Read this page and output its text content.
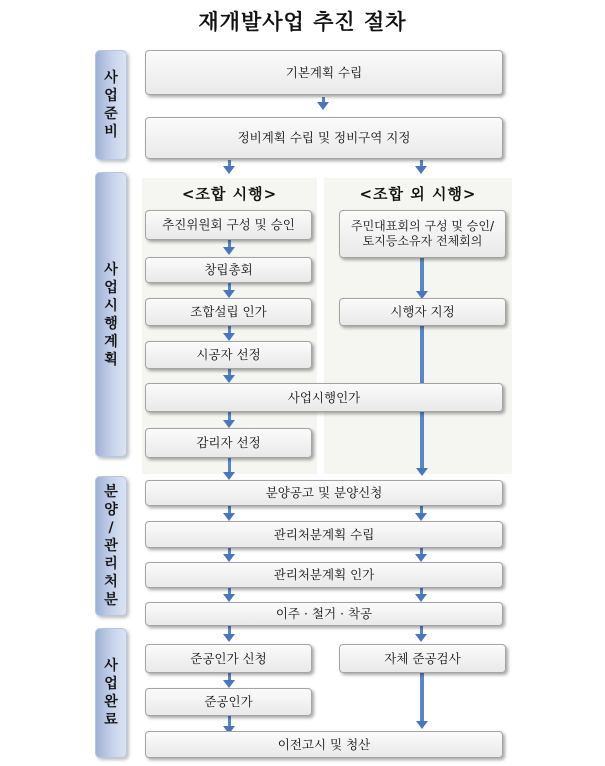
재개발사업 추진 절차
사
업
준
비
사
업
시
행
계
획
분
양
/
관
리
처
분
사
업
완
료
<조합 시행>	<조합 외 시행>
기본계획 수립
정비계획 수립 및 정비구역 지정
추진위원회 구성 및 승인	주민대표회의 구성 및 승인/
토지등소유자 전체회의
창립총회
조합설립 인가	시행자 지정
시공자 선정
사업시행인가
감리자 선정
분양공고 및 분양신청
관리처분계획 수립
관리처분계획 인가
이주 · 철거 · 착공
준공인가 신청	자체 준공검사
준공인가
이전고시 및 청산
